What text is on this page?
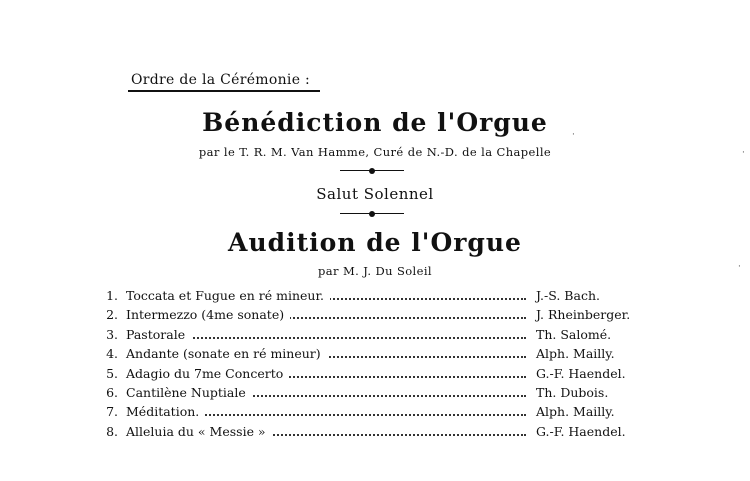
Ordre de la Cérémonie :
Bénédiction de l'Orgue
par le T. R. M. Van Hamme, Curé de N.-D. de la Chapelle
Salut Solennel
Audition de l'Orgue
par M. J. Du Soleil
1. Toccata et Fugue en ré mineur.	J.-S. Bach.
2. Intermezzo (4me sonate)	J. Rheinberger.
3. Pastorale	Th. Salomé.
4. Andante (sonate en ré mineur)	Alph. Mailly.
5. Adagio du 7me Concerto	G.-F. Haendel.
6. Cantilène Nuptiale	Th. Dubois.
7. Méditation.	Alph. Mailly.
8. Alleluia du « Messie »	G.-F. Haendel.
·
·
·
